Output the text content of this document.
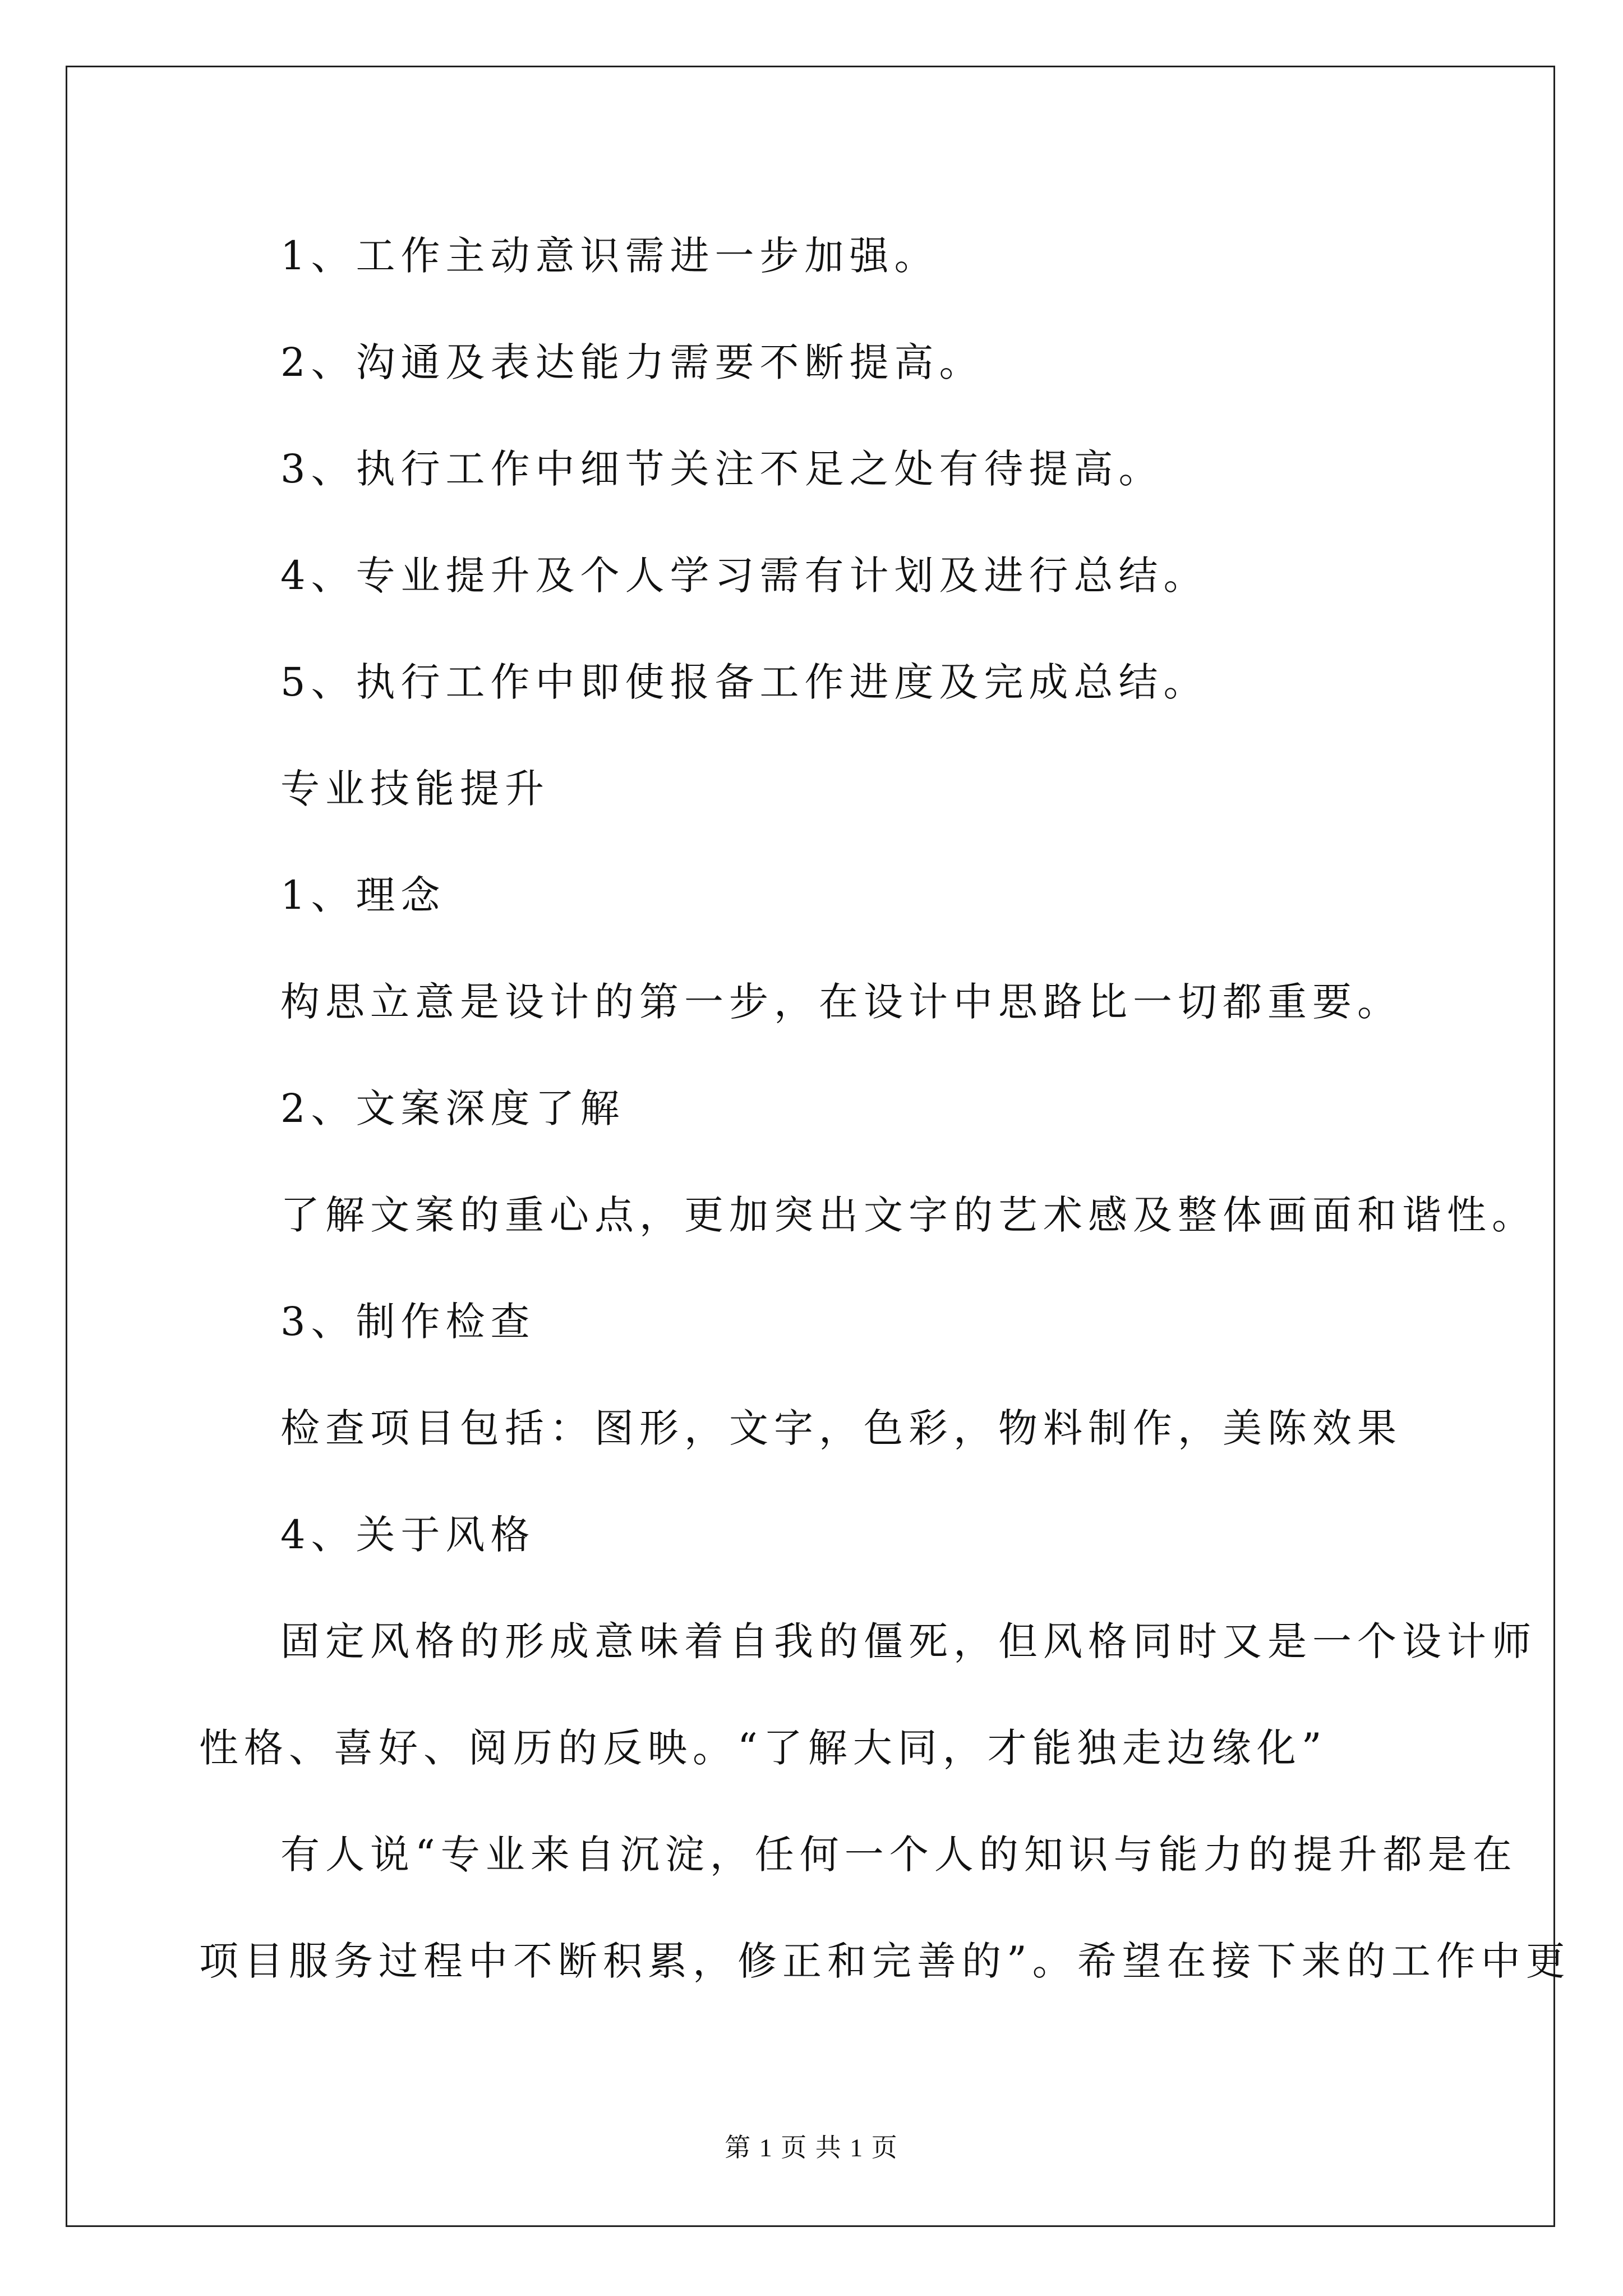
1、工作主动意识需进一步加强。

2、沟通及表达能力需要不断提高。

3、执行工作中细节关注不足之处有待提高。

4、专业提升及个人学习需有计划及进行总结。

5、执行工作中即使报备工作进度及完成总结。

专业技能提升

1、理念

构思立意是设计的第一步，在设计中思路比一切都重要。

2、文案深度了解

了解文案的重心点，更加突出文字的艺术感及整体画面和谐性。

3、制作检查

检查项目包括：图形，文字，色彩，物料制作，美陈效果

4、关于风格

固定风格的形成意味着自我的僵死，但风格同时又是一个设计师

性格、喜好、阅历的反映。“了解大同，才能独走边缘化”

有人说“专业来自沉淀，任何一个人的知识与能力的提升都是在

项目服务过程中不断积累，修正和完善的”。希望在接下来的工作中更

第 1 页 共 1 页
